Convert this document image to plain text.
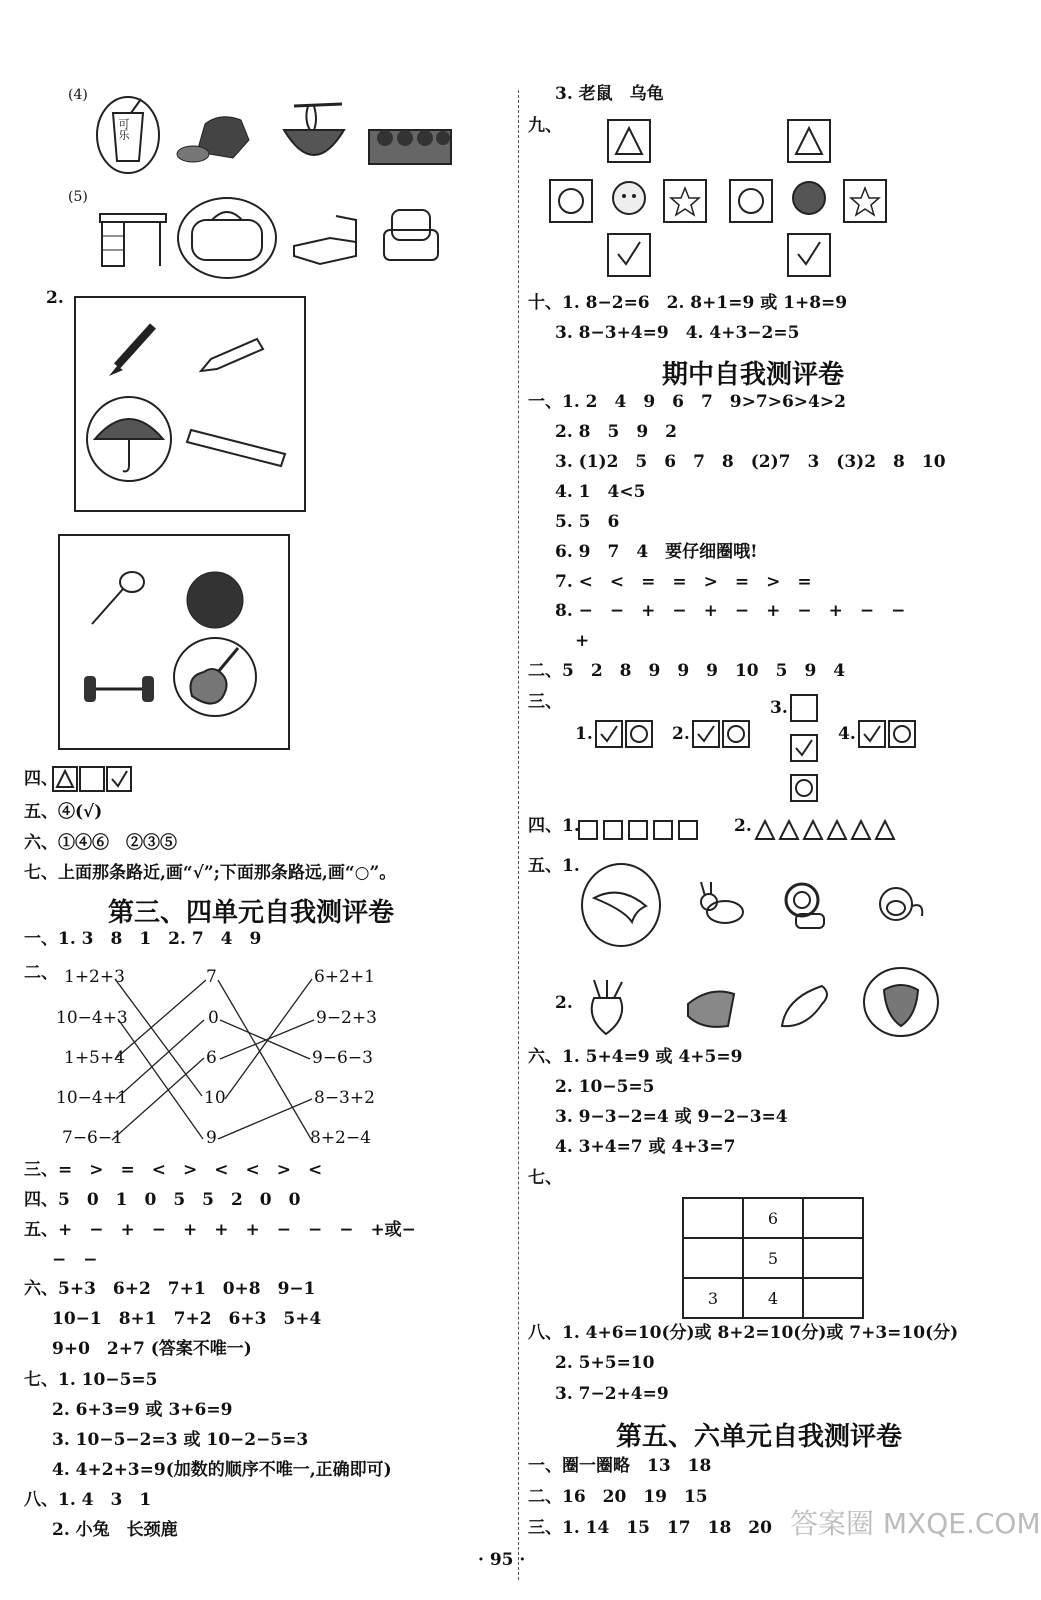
(4)
可乐
(5)
2.
四、
五、④(√)
六、①④⑥　②③⑤
七、上面那条路近,画“√”;下面那条路远,画“○”。
第三、四单元自我测评卷
一、1. 3　8　1　2. 7　4　9
二、 1+2+3
10−4+3
1+5+4
10−4+1
7−6−1
7
0
6
10
9
6+2+1
9−2+3
9−6−3
8−3+2
8+2−4
三、=　>　=　<　>　<　<　>　<
四、5　0　1　0　5　5　2　0　0
五、+　−　+　−　+　+　+　−　−　−　+或−
−　−
六、5+3　6+2　7+1　0+8　9−1
10−1　8+1　7+2　6+3　5+4
9+0　2+7 (答案不唯一)
七、1. 10−5=5
2. 6+3=9 或 3+6=9
3. 10−5−2=3 或 10−2−5=3
4. 4+2+3=9(加数的顺序不唯一,正确即可)
八、1. 4　3　1
2. 小兔　长颈鹿
3. 老鼠　乌龟
九、
十、1. 8−2=6　2. 8+1=9 或 1+8=9
3. 8−3+4=9　4. 4+3−2=5
期中自我测评卷
一、1. 2　4　9　6　7　9>7>6>4>2
2. 8　5　9　2
3. (1)2　5　6　7　8　(2)7　3　(3)2　8　10
4. 1　4<5
5. 5　6
6. 9　7　4　要仔细圈哦!
7. <　<　=　=　>　=　>　=
8. −　−　+　−　+　−　+　−　+　−　−
+
二、5　2　8　9　9　9　10　5　9　4
三、
1.	2.
3.
4.
四、1.	2.
五、1.
2.
六、1. 5+4=9 或 4+5=9
2. 10−5=5
3. 9−3−2=4 或 9−2−3=4
4. 3+4=7 或 4+3=7
七、
	6	
	5	
3	4	
八、1. 4+6=10(分)或 8+2=10(分)或 7+3=10(分)
2. 5+5=10
3. 7−2+4=9
第五、六单元自我测评卷
一、圈一圈略　13　18
二、16　20　19　15
三、1. 14　15　17　18　20
· 95 ·
答案圈 MXQE.COM
